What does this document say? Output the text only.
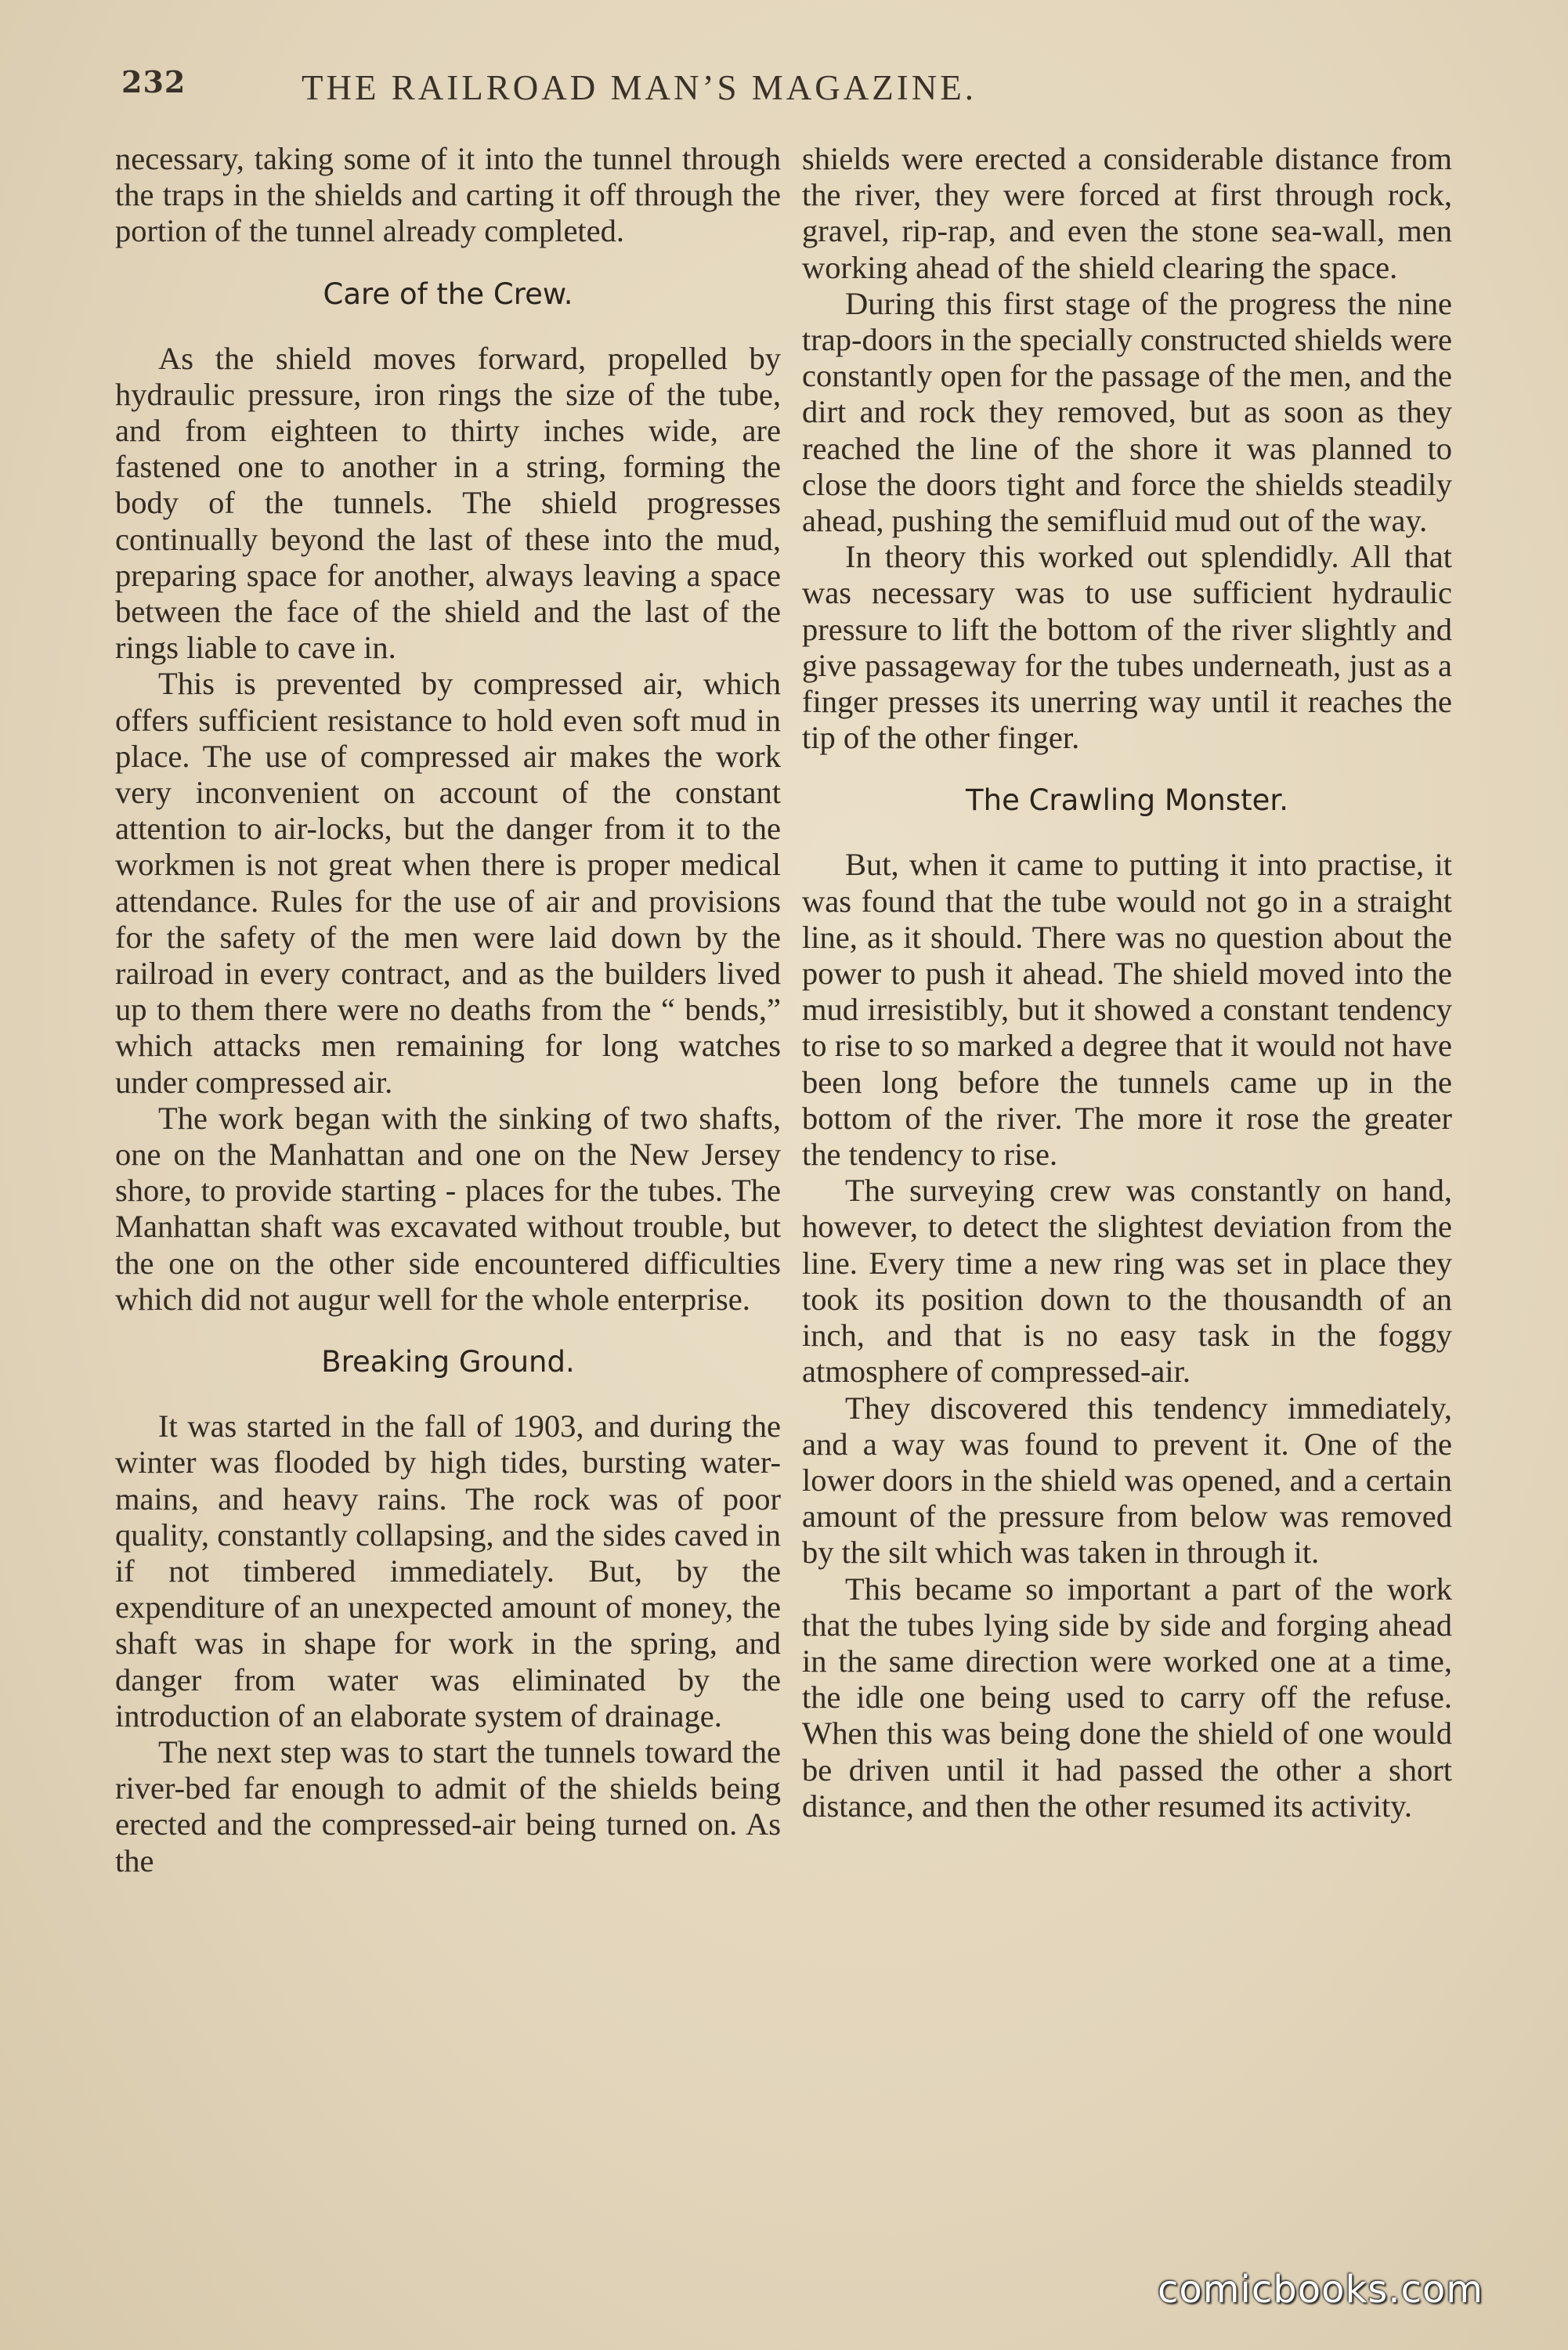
232	THE RAILROAD MAN’S MAGAZINE.

necessary, taking some of it into the tunnel through the traps in the shields and carting it off through the portion of the tunnel already completed.

Care of the Crew.

As the shield moves forward, propelled by hydraulic pressure, iron rings the size of the tube, and from eighteen to thirty inches wide, are fastened one to another in a string, forming the body of the tunnels. The shield progresses continually beyond the last of these into the mud, preparing space for another, always leaving a space between the face of the shield and the last of the rings liable to cave in.

This is prevented by compressed air, which offers sufficient resistance to hold even soft mud in place. The use of compressed air makes the work very inconvenient on account of the constant attention to air-locks, but the danger from it to the workmen is not great when there is proper medical attendance. Rules for the use of air and provisions for the safety of the men were laid down by the railroad in every contract, and as the builders lived up to them there were no deaths from the “ bends,” which attacks men remaining for long watches under compressed air.

The work began with the sinking of two shafts, one on the Manhattan and one on the New Jersey shore, to provide starting - places for the tubes. The Manhattan shaft was excavated without trouble, but the one on the other side encountered difficulties which did not augur well for the whole enterprise.

Breaking Ground.

It was started in the fall of 1903, and during the winter was flooded by high tides, bursting water-mains, and heavy rains. The rock was of poor quality, constantly collapsing, and the sides caved in if not timbered immediately. But, by the expenditure of an unexpected amount of money, the shaft was in shape for work in the spring, and danger from water was eliminated by the introduction of an elaborate system of drainage.

The next step was to start the tunnels toward the river-bed far enough to admit of the shields being erected and the compressed-air being turned on. As the

shields were erected a considerable distance from the river, they were forced at first through rock, gravel, rip-rap, and even the stone sea-wall, men working ahead of the shield clearing the space.

During this first stage of the progress the nine trap-doors in the specially constructed shields were constantly open for the passage of the men, and the dirt and rock they removed, but as soon as they reached the line of the shore it was planned to close the doors tight and force the shields steadily ahead, pushing the semifluid mud out of the way.

In theory this worked out splendidly. All that was necessary was to use sufficient hydraulic pressure to lift the bottom of the river slightly and give passageway for the tubes underneath, just as a finger presses its unerring way until it reaches the tip of the other finger.

The Crawling Monster.

But, when it came to putting it into practise, it was found that the tube would not go in a straight line, as it should. There was no question about the power to push it ahead. The shield moved into the mud irresistibly, but it showed a constant tendency to rise to so marked a degree that it would not have been long before the tunnels came up in the bottom of the river. The more it rose the greater the tendency to rise.

The surveying crew was constantly on hand, however, to detect the slightest deviation from the line. Every time a new ring was set in place they took its position down to the thousandth of an inch, and that is no easy task in the foggy atmosphere of compressed-air.

They discovered this tendency immediately, and a way was found to prevent it. One of the lower doors in the shield was opened, and a certain amount of the pressure from below was removed by the silt which was taken in through it.

This became so important a part of the work that the tubes lying side by side and forging ahead in the same direction were worked one at a time, the idle one being used to carry off the refuse. When this was being done the shield of one would be driven until it had passed the other a short distance, and then the other resumed its activity.

comicbooks.com
